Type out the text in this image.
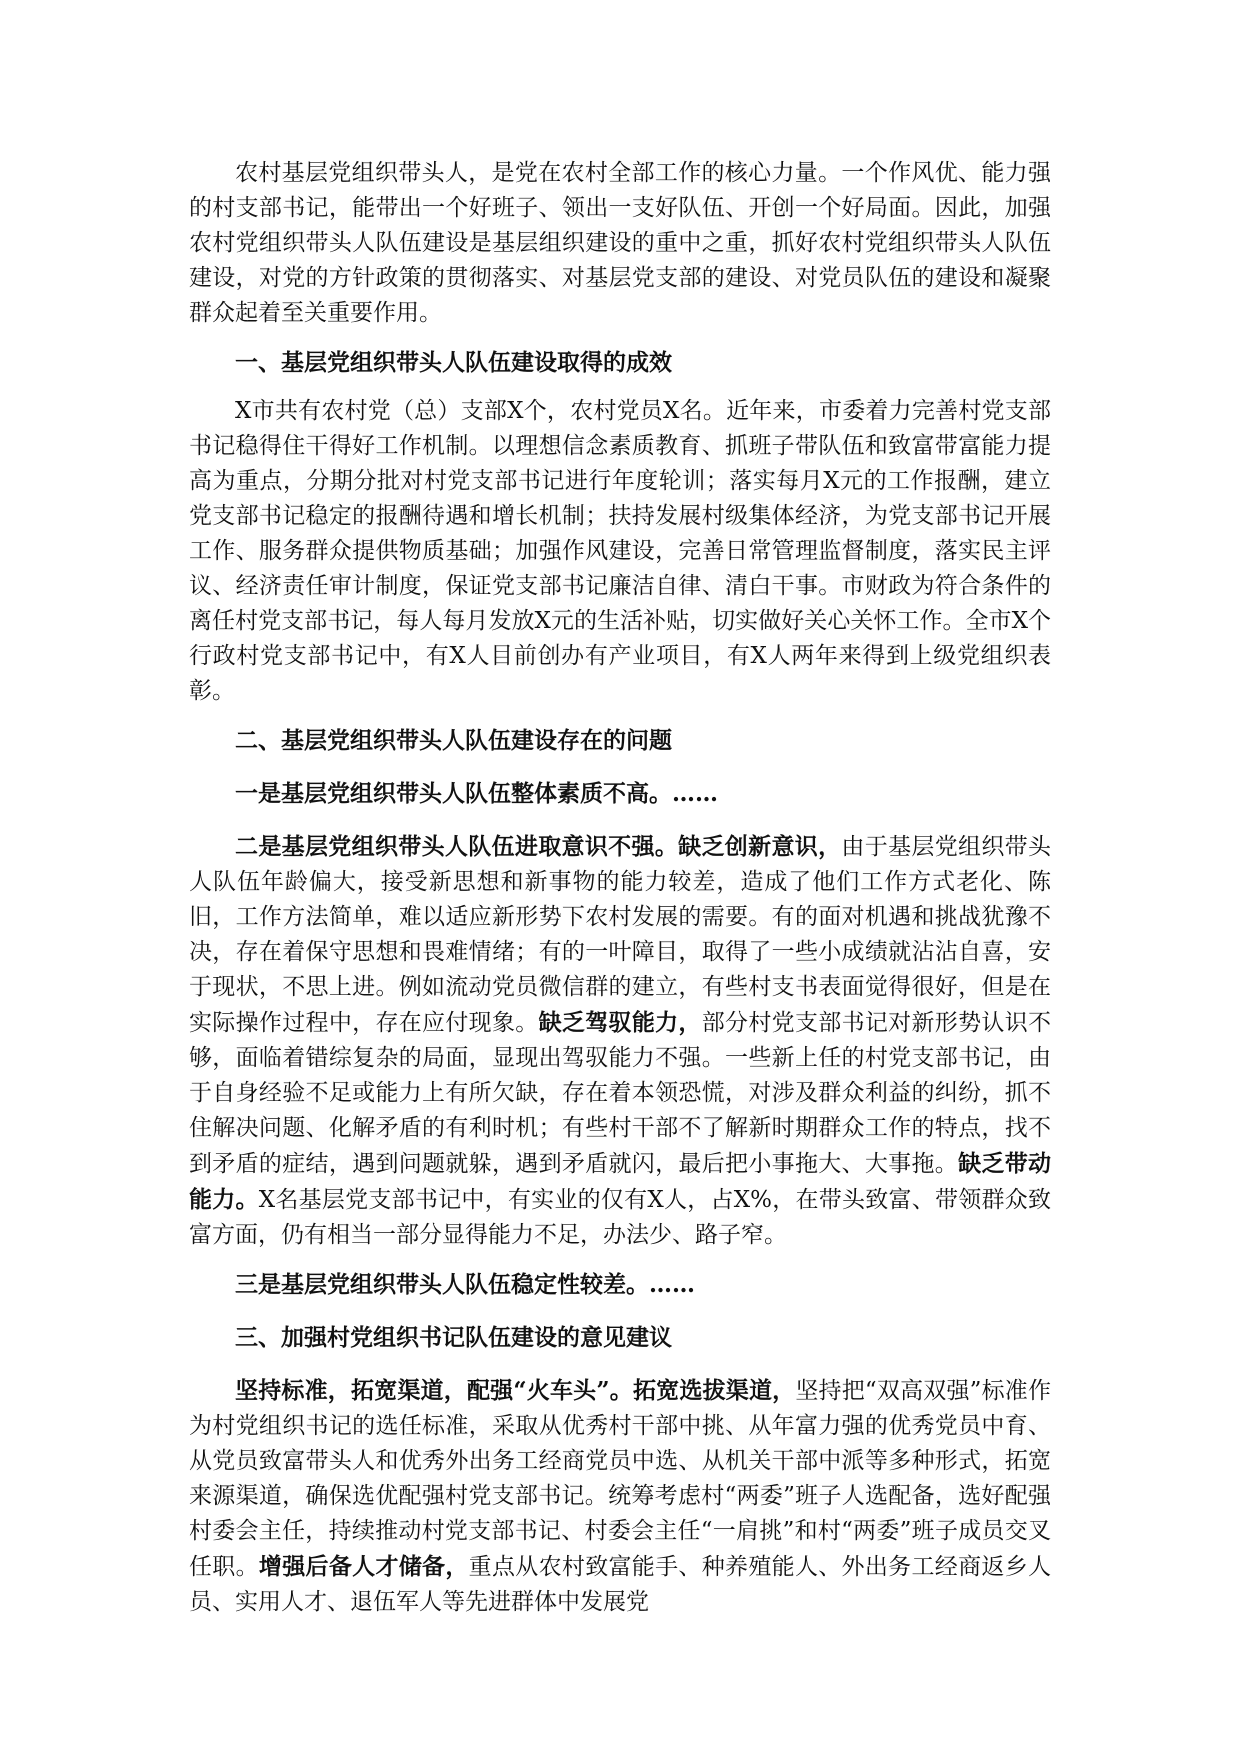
农村基层党组织带头人，是党在农村全部工作的核心力量。一个作风优、能力强的村支部书记，能带出一个好班子、领出一支好队伍、开创一个好局面。因此，加强农村党组织带头人队伍建设是基层组织建设的重中之重，抓好农村党组织带头人队伍建设，对党的方针政策的贯彻落实、对基层党支部的建设、对党员队伍的建设和凝聚群众起着至关重要作用。

一、基层党组织带头人队伍建设取得的成效

X市共有农村党（总）支部X个，农村党员X名。近年来，市委着力完善村党支部书记稳得住干得好工作机制。以理想信念素质教育、抓班子带队伍和致富带富能力提高为重点，分期分批对村党支部书记进行年度轮训；落实每月X元的工作报酬，建立党支部书记稳定的报酬待遇和增长机制；扶持发展村级集体经济，为党支部书记开展工作、服务群众提供物质基础；加强作风建设，完善日常管理监督制度，落实民主评议、经济责任审计制度，保证党支部书记廉洁自律、清白干事。市财政为符合条件的离任村党支部书记，每人每月发放X元的生活补贴，切实做好关心关怀工作。全市X个行政村党支部书记中，有X人目前创办有产业项目，有X人两年来得到上级党组织表彰。

二、基层党组织带头人队伍建设存在的问题

一是基层党组织带头人队伍整体素质不高。……

二是基层党组织带头人队伍进取意识不强。缺乏创新意识，由于基层党组织带头人队伍年龄偏大，接受新思想和新事物的能力较差，造成了他们工作方式老化、陈旧，工作方法简单，难以适应新形势下农村发展的需要。有的面对机遇和挑战犹豫不决，存在着保守思想和畏难情绪；有的一叶障目，取得了一些小成绩就沾沾自喜，安于现状，不思上进。例如流动党员微信群的建立，有些村支书表面觉得很好，但是在实际操作过程中，存在应付现象。缺乏驾驭能力，部分村党支部书记对新形势认识不够，面临着错综复杂的局面，显现出驾驭能力不强。一些新上任的村党支部书记，由于自身经验不足或能力上有所欠缺，存在着本领恐慌，对涉及群众利益的纠纷，抓不住解决问题、化解矛盾的有利时机；有些村干部不了解新时期群众工作的特点，找不到矛盾的症结，遇到问题就躲，遇到矛盾就闪，最后把小事拖大、大事拖。缺乏带动能力。X名基层党支部书记中，有实业的仅有X人，占X%，在带头致富、带领群众致富方面，仍有相当一部分显得能力不足，办法少、路子窄。

三是基层党组织带头人队伍稳定性较差。……

三、加强村党组织书记队伍建设的意见建议

坚持标准，拓宽渠道，配强“火车头”。拓宽选拔渠道，坚持把“双高双强”标准作为村党组织书记的选任标准，采取从优秀村干部中挑、从年富力强的优秀党员中育、从党员致富带头人和优秀外出务工经商党员中选、从机关干部中派等多种形式，拓宽来源渠道，确保选优配强村党支部书记。统筹考虑村“两委”班子人选配备，选好配强村委会主任，持续推动村党支部书记、村委会主任“一肩挑”和村“两委”班子成员交叉任职。增强后备人才储备，重点从农村致富能手、种养殖能人、外出务工经商返乡人员、实用人才、退伍军人等先进群体中发展党
